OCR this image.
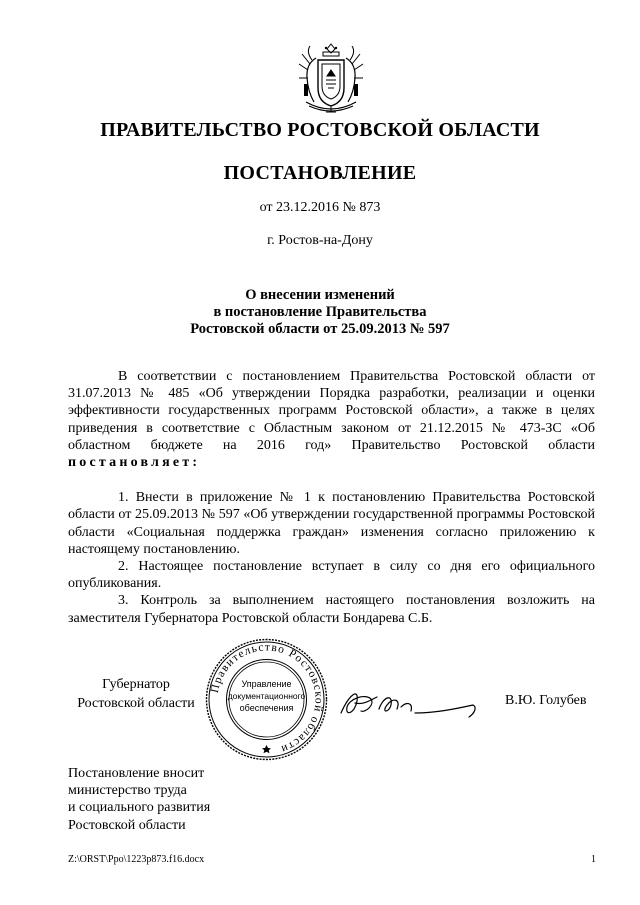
ПРАВИТЕЛЬСТВО РОСТОВСКОЙ ОБЛАСТИ
ПОСТАНОВЛЕНИЕ
от 23.12.2016 № 873
г. Ростов-на-Дону
О внесении изменений
в постановление Правительства
Ростовской области от 25.09.2013 № 597

В соответствии с постановлением Правительства Ростовской области от 31.07.2013 № 485 «Об утверждении Порядка разработки, реализации и оценки эффективности государственных программ Ростовской области», а также в целях приведения в соответствие с Областным законом от 21.12.2015 № 473-ЗС «Об областном бюджете на 2016 год» Правительство Ростовской области постановляет:

1. Внести в приложение № 1 к постановлению Правительства Ростовской области от 25.09.2013 № 597 «Об утверждении государственной программы Ростовской области «Социальная поддержка граждан» изменения согласно приложению к настоящему постановлению.

2. Настоящее постановление вступает в силу со дня его официального опубликования.

3. Контроль за выполнением настоящего постановления возложить на заместителя Губернатора Ростовской области Бондарева С.Б.

Губернатор
Ростовской области
Правительство Ростовской области
Управление
документационного
обеспечения	В.Ю. Голубев
Постановление вносит
министерство труда
и социального развития
Ростовской области
Z:\ORST\Ppo\1223p873.f16.docx	1
